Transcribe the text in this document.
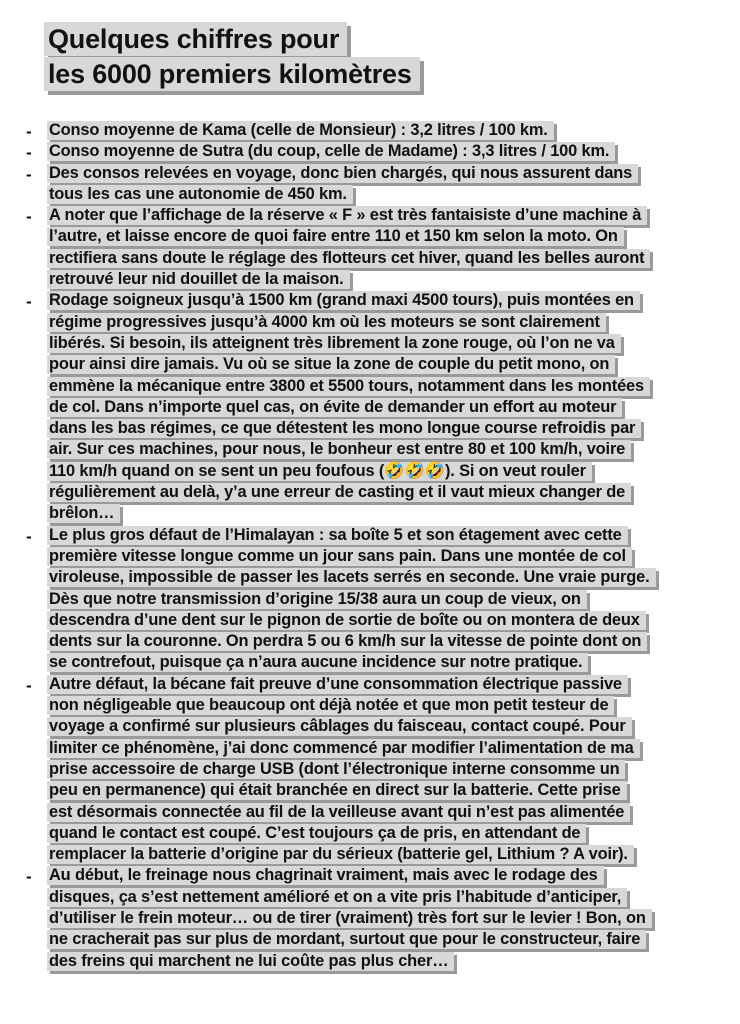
Quelques chiffres pour
les 6000 premiers kilomètres
- Conso moyenne de Kama (celle de Monsieur) : 3,2 litres / 100 km.
- Conso moyenne de Sutra (du coup, celle de Madame) : 3,3 litres / 100 km.
- Des consos relevées en voyage, donc bien chargés, qui nous assurent dans
tous les cas une autonomie de 450 km.
- A noter que l’affichage de la réserve « F » est très fantaisiste d’une machine à
l’autre, et laisse encore de quoi faire entre 110 et 150 km selon la moto. On
rectifiera sans doute le réglage des flotteurs cet hiver, quand les belles auront
retrouvé leur nid douillet de la maison.
- Rodage soigneux jusqu’à 1500 km (grand maxi 4500 tours), puis montées en
régime progressives jusqu’à 4000 km où les moteurs se sont clairement
libérés. Si besoin, ils atteignent très librement la zone rouge, où l’on ne va
pour ainsi dire jamais. Vu où se situe la zone de couple du petit mono, on
emmène la mécanique entre 3800 et 5500 tours, notamment dans les montées
de col. Dans n’importe quel cas, on évite de demander un effort au moteur
dans les bas régimes, ce que détestent les mono longue course refroidis par
air. Sur ces machines, pour nous, le bonheur est entre 80 et 100 km/h, voire
110 km/h quand on se sent un peu foufous (🤣🤣🤣). Si on veut rouler
régulièrement au delà, y’a une erreur de casting et il vaut mieux changer de
brêlon…
- Le plus gros défaut de l’Himalayan : sa boîte 5 et son étagement avec cette
première vitesse longue comme un jour sans pain. Dans une montée de col
viroleuse, impossible de passer les lacets serrés en seconde. Une vraie purge.
Dès que notre transmission d’origine 15/38 aura un coup de vieux, on
descendra d’une dent sur le pignon de sortie de boîte ou on montera de deux
dents sur la couronne. On perdra 5 ou 6 km/h sur la vitesse de pointe dont on
se contrefout, puisque ça n’aura aucune incidence sur notre pratique.
- Autre défaut, la bécane fait preuve d’une consommation électrique passive
non négligeable que beaucoup ont déjà notée et que mon petit testeur de
voyage a confirmé sur plusieurs câblages du faisceau, contact coupé. Pour
limiter ce phénomène, j’ai donc commencé par modifier l’alimentation de ma
prise accessoire de charge USB (dont l’électronique interne consomme un
peu en permanence) qui était branchée en direct sur la batterie. Cette prise
est désormais connectée au fil de la veilleuse avant qui n’est pas alimentée
quand le contact est coupé. C’est toujours ça de pris, en attendant de
remplacer la batterie d’origine par du sérieux (batterie gel, Lithium ? A voir).
- Au début, le freinage nous chagrinait vraiment, mais avec le rodage des
disques, ça s’est nettement amélioré et on a vite pris l’habitude d’anticiper,
d’utiliser le frein moteur… ou de tirer (vraiment) très fort sur le levier ! Bon, on
ne cracherait pas sur plus de mordant, surtout que pour le constructeur, faire
des freins qui marchent ne lui coûte pas plus cher…
